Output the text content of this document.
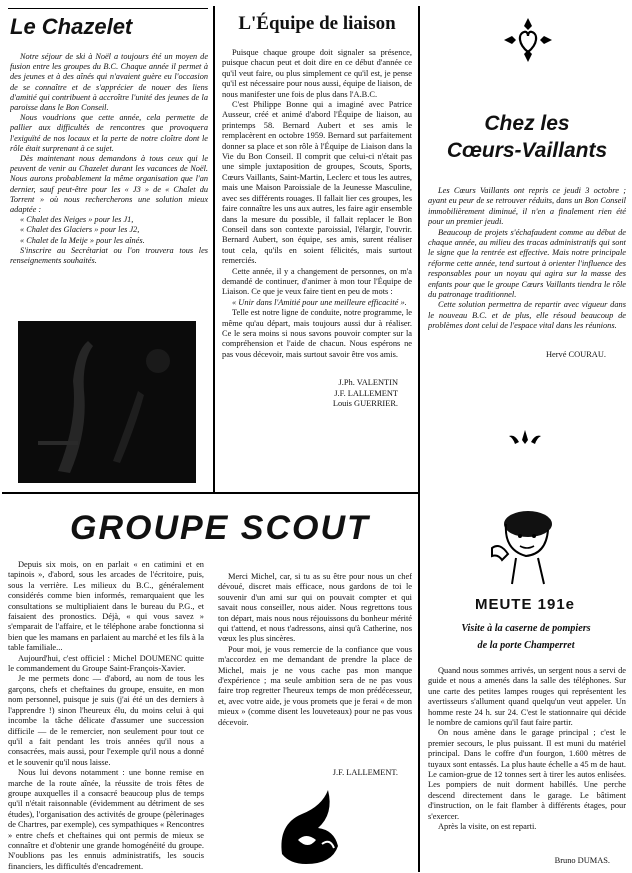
Le Chazelet

Notre séjour de ski à Noël a toujours été un moyen de fusion entre les groupes du B.C. Chaque année il permet à des jeunes et à des aînés qui n'avaient guère eu l'occasion de se connaître et de s'apprécier de nouer des liens d'amitié qui contribuent à accroître l'unité des jeunes de la paroisse dans le Bon Conseil.

Nous voudrions que cette année, cela permette de pallier aux difficultés de rencontres que provoquera l'exiguïté de nos locaux et la perte de notre cloître dont le rôle était surprenant à ce sujet.

Dès maintenant nous demandons à tous ceux qui le peuvent de venir au Chazelet durant les vacances de Noël. Nous aurons probablement la même organisation que l'an dernier, sauf peut-être pour les « J3 » de « Chalet du Torrent » où nous rechercherons une solution mieux adaptée :

« Chalet des Neiges » pour les J1,

« Chalet des Glaciers » pour les J2,

« Chalet de la Meije » pour les aînés.

S'inscrire au Secrétariat ou l'on trouvera tous les renseignements souhaités.

L'Équipe de liaison

Puisque chaque groupe doit signaler sa présence, puisque chacun peut et doit dire en ce début d'année ce qu'il veut faire, ou plus simplement ce qu'il est, je pense qu'il est nécessaire pour nous aussi, équipe de liaison, de nous manifester une fois de plus dans l'A.B.C.

C'est Philippe Bonne qui a imaginé avec Patrice Ausseur, créé et animé d'abord l'Équipe de liaison, au printemps 58. Bernard Aubert et ses amis le remplacèrent en octobre 1959. Bernard sut parfaitement donner sa place et son rôle à l'Équipe de Liaison dans la Vie du Bon Conseil. Il comprit que celui-ci n'était pas une simple juxtaposition de groupes, Scouts, Sports, Cœurs Vaillants, Saint-Martin, Leclerc et tous les autres, mais une Maison Paroissiale de la Jeunesse Masculine, avec ses différents rouages. Il fallait lier ces groupes, les faire connaître les uns aux autres, les faire agir ensemble dans la mesure du possible, il fallait replacer le Bon Conseil dans son contexte paroissial, l'élargir, l'ouvrir. Bernard Aubert, son équipe, ses amis, surent réaliser tout cela, qu'ils en soient félicités, mais surtout remerciés.

Cette année, il y a changement de personnes, on m'a demandé de continuer, d'animer à mon tour l'Équipe de Liaison. Ce que je veux faire tient en peu de mots :

« Unir dans l'Amitié pour une meilleure efficacité ».

Telle est notre ligne de conduite, notre programme, le même qu'au départ, mais toujours aussi dur à réaliser. Ce le sera moins si nous savons pouvoir compter sur la compréhension et l'aide de chacun. Nous espérons ne pas vous décevoir, mais surtout savoir être vos amis.

J.Ph. VALENTIN
J.F. LALLEMENT
Louis GUERRIER.
Chez les
Cœurs-Vaillants

Les Cœurs Vaillants ont repris ce jeudi 3 octobre ; ayant eu peur de se retrouver réduits, dans un Bon Conseil immobilièrement diminué, il n'en a finalement rien été pour un premier jeudi.

Beaucoup de projets s'échafaudent comme au début de chaque année, au milieu des tracas administratifs qui sont le signe que la rentrée est effective. Mais notre principale réforme cette année, tend surtout à orienter l'influence des responsables pour un noyau qui agira sur la masse des enfants pour que le groupe Cœurs Vaillants tiendra le rôle du patronage traditionnel.

Cette solution permettra de repartir avec vigueur dans le nouveau B.C. et de plus, elle résoud beaucoup de problèmes dont celui de l'espace vital dans les réunions.

Hervé COURAU.
GROUPE SCOUT

Depuis six mois, on en parlait « en catimini et en tapinois », d'abord, sous les arcades de l'écritoire, puis, sous la verrière. Les milieux du B.C., généralement considérés comme bien informés, remarquaient que les consultations se multipliaient dans le bureau du P.G., et faisaient des pronostics. Déjà, « qui vous savez » s'emparait de l'affaire, et le téléphone arabe fonctionna si bien que les mamans en parlaient au marché et les fils à la table familiale...

Aujourd'hui, c'est officiel : Michel DOUMENC quitte le commandement du Groupe Saint-François-Xavier.

Je me permets donc — d'abord, au nom de tous les garçons, chefs et cheftaines du groupe, ensuite, en mon nom personnel, puisque je suis (j'ai été un des derniers à l'apprendre !) sinon l'heureux élu, du moins celui à qui incombe la tâche délicate d'assumer une succession difficile — de le remercier, non seulement pour tout ce qu'il a fait pendant les trois années qu'il nous a consacrées, mais aussi, pour l'exemple qu'il nous a donné et le souvenir qu'il nous laisse.

Nous lui devons notamment : une bonne remise en marche de la route aînée, la réussite de trois fêtes de groupe auxquelles il a consacré beaucoup plus de temps qu'il n'était raisonnable (évidemment au détriment de ses études), l'organisation des activités de groupe (pèlerinages de Chartres, par exemple), ces sympathiques « Rencontres » entre chefs et cheftaines qui ont permis de mieux se connaître et d'obtenir une grande homogénéité du groupe. N'oublions pas les ennuis administratifs, les soucis financiers, les difficultés d'encadrement.

Merci Michel, car, si tu as su être pour nous un chef dévoué, discret mais efficace, nous gardons de toi le souvenir d'un ami sur qui on pouvait compter et qui savait nous conseiller, nous aider. Nous regrettons tous ton départ, mais nous nous réjouissons du bonheur mérité qui t'attend, et nous t'adressons, ainsi qu'à Catherine, nos vœux les plus sincères.

Pour moi, je vous remercie de la confiance que vous m'accordez en me demandant de prendre la place de Michel, mais je ne vous cache pas mon manque d'expérience ; ma seule ambition sera de ne pas vous faire trop regretter l'heureux temps de mon prédécesseur, et, avec votre aide, je vous promets que je ferai « de mon mieux » (comme disent les louveteaux) pour ne pas vous décevoir.

J.F. LALLEMENT.
MEUTE 191e
Visite à la caserne de pompiers
de la porte Champerret

Quand nous sommes arrivés, un sergent nous a servi de guide et nous a amenés dans la salle des téléphones. Sur une carte des petites lampes rouges qui représentent les avertisseurs s'allument quand quelqu'un veut appeler. Un homme reste 24 h. sur 24. C'est le stationnaire qui décide le nombre de camions qu'il faut faire partir.

On nous amène dans le garage principal ; c'est le premier secours, le plus puissant. Il est muni du matériel principal. Dans le coffre d'un fourgon, 1.600 mètres de tuyaux sont entassés. La plus haute échelle a 45 m de haut. Le camion-grue de 12 tonnes sert à tirer les autos enlisées. Les pompiers de nuit dorment habillés. Une perche descend directement dans le garage. Le bâtiment d'instruction, on le fait flamber à différents étages, pour s'exercer.

Après la visite, on est reparti.

Bruno DUMAS.
